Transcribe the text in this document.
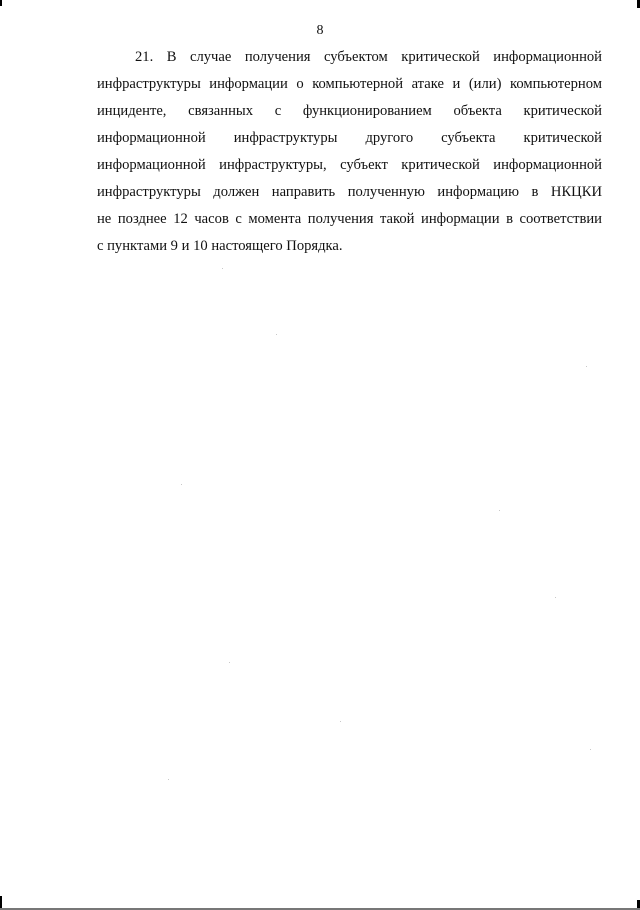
8
21. В случае получения субъектом критической информационной
инфраструктуры информации о компьютерной атаке и (или) компьютерном
инциденте, связанных с функционированием объекта критической
информационной инфраструктуры другого субъекта критической
информационной инфраструктуры, субъект критической информационной
инфраструктуры должен направить полученную информацию в НКЦКИ
не позднее 12 часов с момента получения такой информации в соответствии
с пунктами 9 и 10 настоящего Порядка.
